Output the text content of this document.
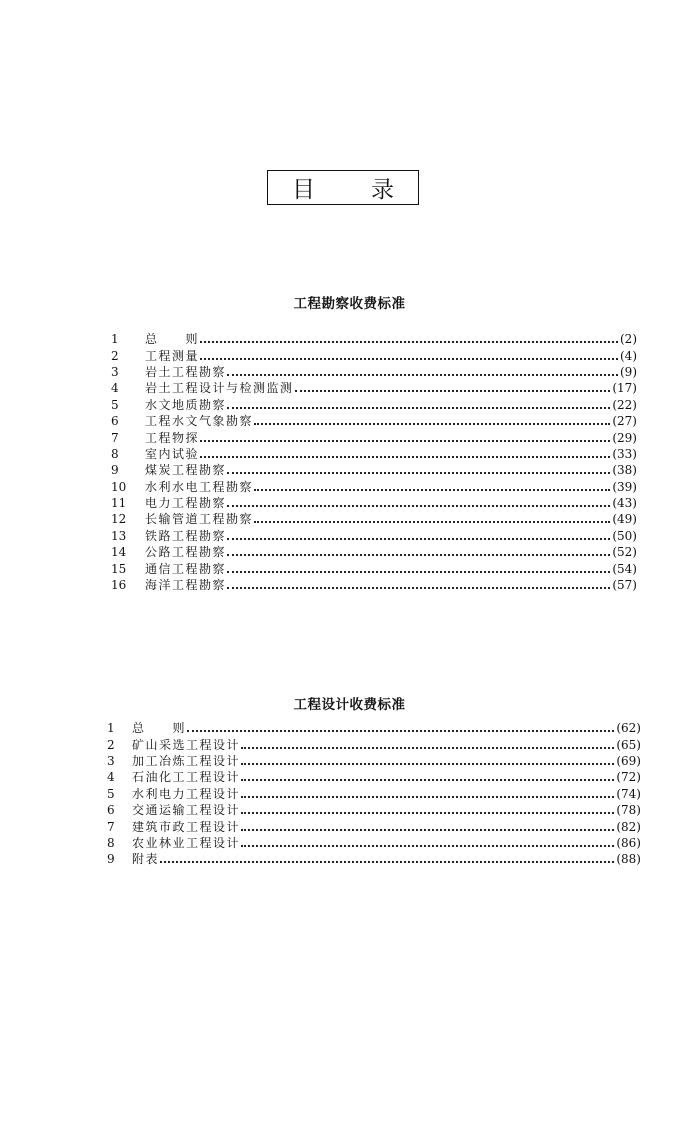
目 录
工程勘察收费标准
1	总　　则	(2)
2	工程测量	(4)
3	岩土工程勘察	(9)
4	岩土工程设计与检测监测	(17)
5	水文地质勘察	(22)
6	工程水文气象勘察	(27)
7	工程物探	(29)
8	室内试验	(33)
9	煤炭工程勘察	(38)
10	水利水电工程勘察	(39)
11	电力工程勘察	(43)
12	长输管道工程勘察	(49)
13	铁路工程勘察	(50)
14	公路工程勘察	(52)
15	通信工程勘察	(54)
16	海洋工程勘察	(57)
工程设计收费标准
1	总　　则	(62)
2	矿山采选工程设计	(65)
3	加工冶炼工程设计	(69)
4	石油化工工程设计	(72)
5	水利电力工程设计	(74)
6	交通运输工程设计	(78)
7	建筑市政工程设计	(82)
8	农业林业工程设计	(86)
9	附表	(88)
